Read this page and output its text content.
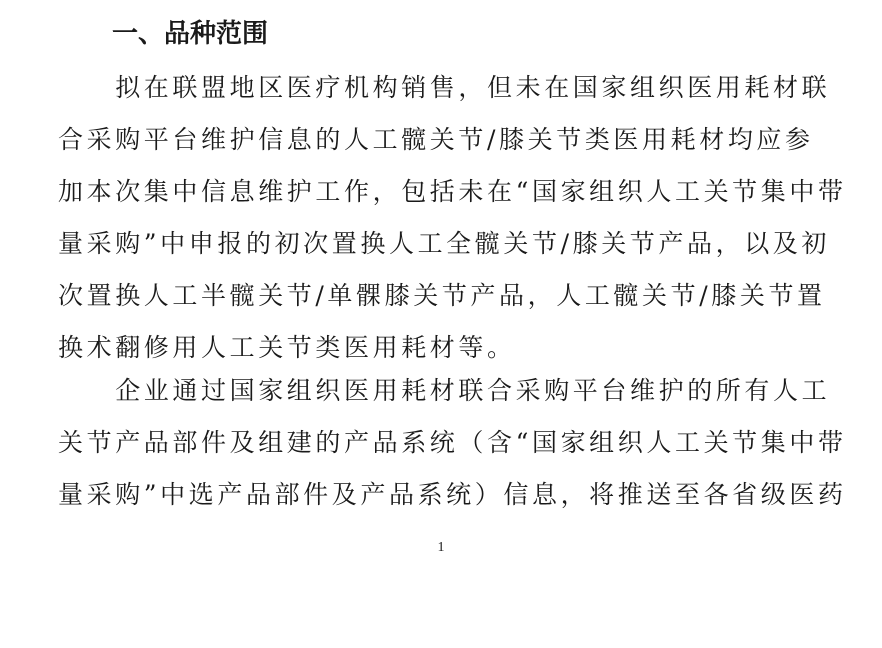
一、品种范围

　　拟在联盟地区医疗机构销售，但未在国家组织医用耗材联
合采购平台维护信息的人工髋关节/膝关节类医用耗材均应参
加本次集中信息维护工作，包括未在“国家组织人工关节集中带
量采购”中申报的初次置换人工全髋关节/膝关节产品，以及初
次置换人工半髋关节/单髁膝关节产品，人工髋关节/膝关节置
换术翻修用人工关节类医用耗材等。

　　企业通过国家组织医用耗材联合采购平台维护的所有人工
关节产品部件及组建的产品系统（含“国家组织人工关节集中带
量采购”中选产品部件及产品系统）信息，将推送至各省级医药

1
